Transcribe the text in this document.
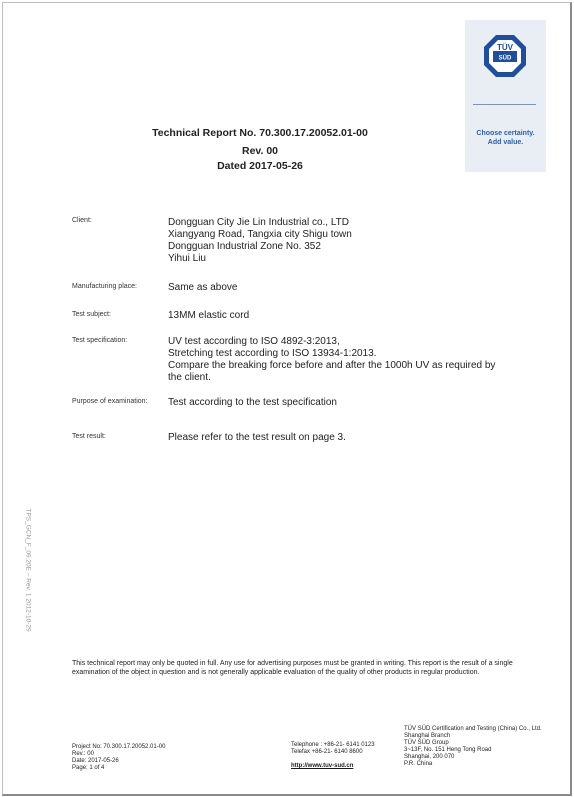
TÜV
SÜD
Choose certainty.
Add value.
Technical Report No. 70.300.17.20052.01-00
Rev. 00
Dated 2017-05-26
Client:	Dongguan City Jie Lin Industrial co., LTD
Xiangyang Road, Tangxia city Shigu town
Dongguan Industrial Zone No. 352
Yihui Liu
Manufacturing place:	Same as above
Test subject:	13MM elastic cord
Test specification:	UV test according to ISO 4892-3:2013,
Stretching test according to ISO 13934-1:2013.
Compare the breaking force before and after the 1000h UV as required by
the client.
Purpose of examination: Test according to the test specification
Test result:	Please refer to the test result on page 3.
TPS_GCN_F_09.20E – Rev. 1 2012-10-29
This technical report may only be quoted in full. Any use for advertising purposes must be granted in writing. This report is the result of a single examination of the object in question and is not generally applicable evaluation of the quality of other products in regular production.
Project No: 70.300.17.20052.01-00
Rev.: 00
Date: 2017-05-26
Page: 1 of 4
Telephone : +86-21- 6141 0123
Telefax +86-21- 6140 8600
http://www.tuv-sud.cn
TÜV SÜD Certification and Testing (China) Co., Ltd.
Shanghai Branch
TÜV SÜD Group
3~13F, No. 151 Heng Tong Road
Shanghai, 200 070
P.R. China
